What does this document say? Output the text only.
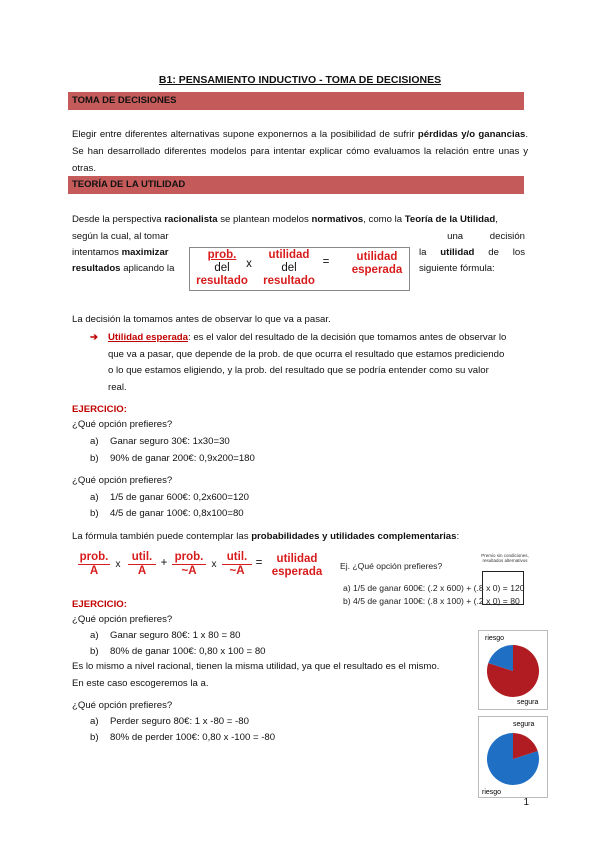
B1: PENSAMIENTO INDUCTIVO - TOMA DE DECISIONES
TOMA DE DECISIONES
Elegir entre diferentes alternativas supone exponernos a la posibilidad de sufrir pérdidas y/o ganancias. Se han desarrollado diferentes modelos para intentar explicar cómo evaluamos la relación entre unas y otras.
TEORÍA DE LA UTILIDAD
Desde la perspectiva racionalista se plantean modelos normativos, como la Teoría de la Utilidad,
según la cual, al tomar	una          decisión
intentamos maximizar	la utilidad de los
resultados aplicando la	siguiente fórmula:
prob.
del
resultado
x
utilidad
del
resultado
=	utilidad
esperada
La decisión la tomamos antes de observar lo que va a pasar.
➔ Utilidad esperada: es el valor del resultado de la decisión que tomamos antes de observar lo
que va a pasar, que depende de la prob. de que ocurra el resultado que estamos prediciendo
o lo que estamos eligiendo, y la prob. del resultado que se podría entender como su valor
real.
EJERCICIO:
¿Qué opción prefieres?
a) Ganar seguro 30€: 1x30=30
b) 90% de ganar 200€: 0,9x200=180
¿Qué opción prefieres?
a) 1/5 de ganar 600€: 0,2x600=120
b) 4/5 de ganar 100€: 0,8x100=80
La fórmula también puede contemplar las probabilidades y utilidades complementarias:
prob.
A
x
util.
A
+ prob.
~A
x
util.
~A
=	utilidad
esperada	Ej. ¿Qué opción prefieres?
Premio sin condiciones, resultados alternativos
a) 1/5 de ganar 600€: (.2 x 600) + (.8 x 0) = 120
b) 4/5 de ganar 100€: (.8 x 100) + (.2 x 0) = 80
EJERCICIO:
¿Qué opción prefieres?
a) Ganar seguro 80€: 1 x 80 = 80
b) 80% de ganar 100€: 0,80 x 100 = 80
Es lo mismo a nivel racional, tienen la misma utilidad, ya que el resultado es el mismo.
En este caso escogeremos la a.
¿Qué opción prefieres?
a) Perder seguro 80€: 1 x -80 = -80
b) 80% de perder 100€: 0,80 x -100 = -80
riesgo
segura
segura
riesgo
1
